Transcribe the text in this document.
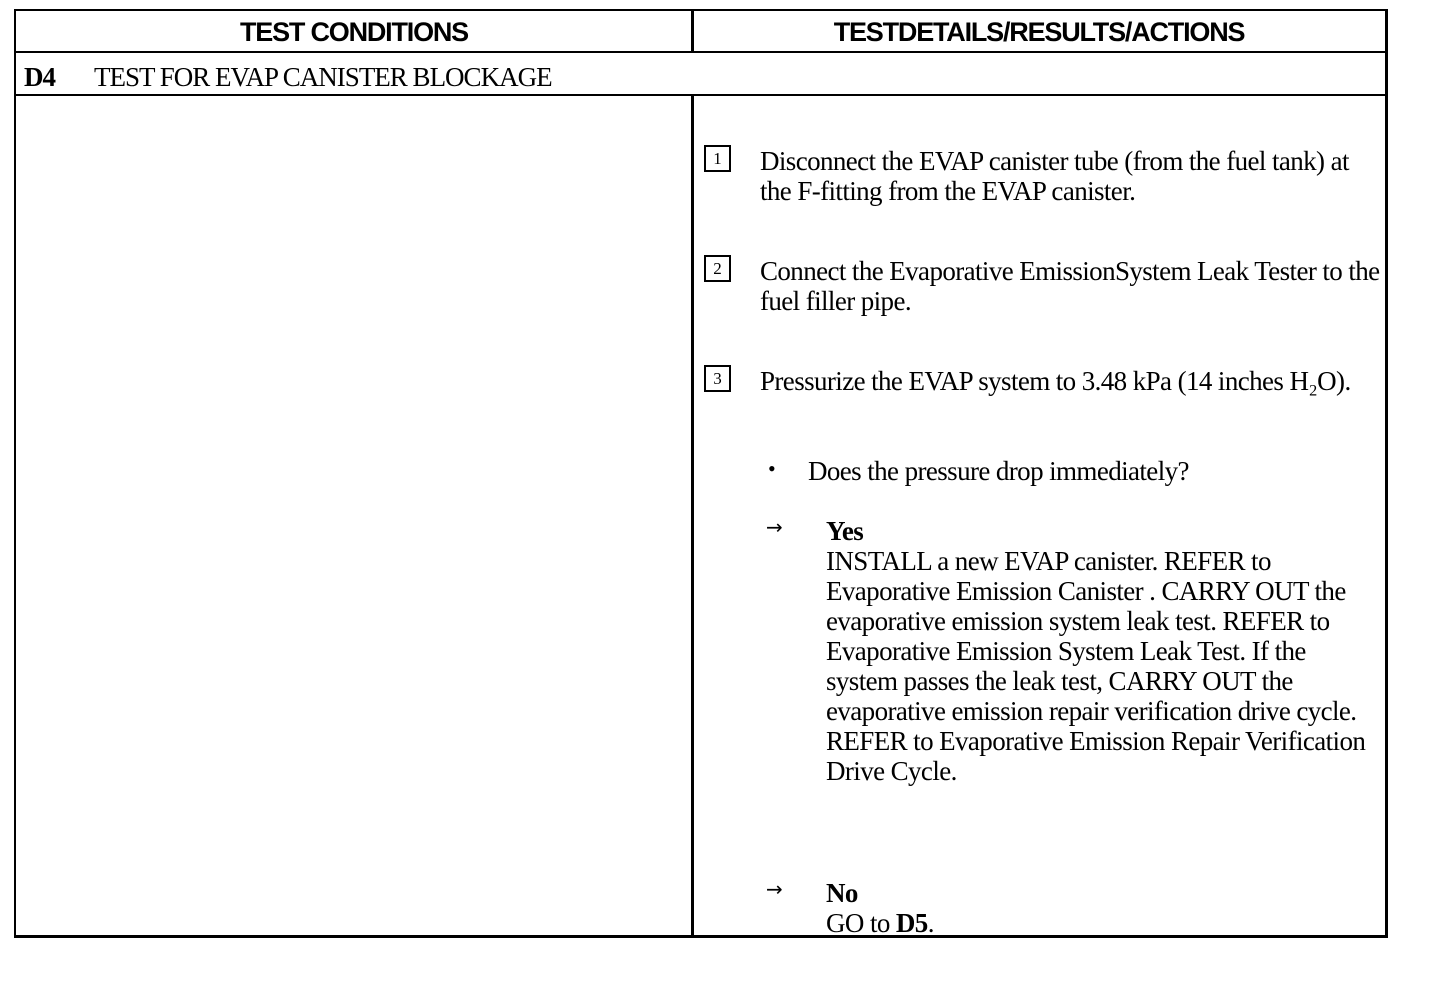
TEST CONDITIONS	TESTDETAILS/RESULTS/ACTIONS
D4 TEST FOR EVAP CANISTER BLOCKAGE
1	Disconnect the EVAP canister tube (from the fuel tank) at the F-fitting from the EVAP canister.
2	Connect the Evaporative EmissionSystem Leak Tester to the fuel filler pipe.
3	Pressurize the EVAP system to 3.48 kPa (14 inches H₂O).
• Does the pressure drop immediately?
→ Yes
INSTALL a new EVAP canister. REFER to Evaporative Emission Canister . CARRY OUT the evaporative emission system leak test. REFER to Evaporative Emission System Leak Test. If the system passes the leak test, CARRY OUT the evaporative emission repair verification drive cycle. REFER to Evaporative Emission Repair Verification Drive Cycle.
→ No
GO to D5.
